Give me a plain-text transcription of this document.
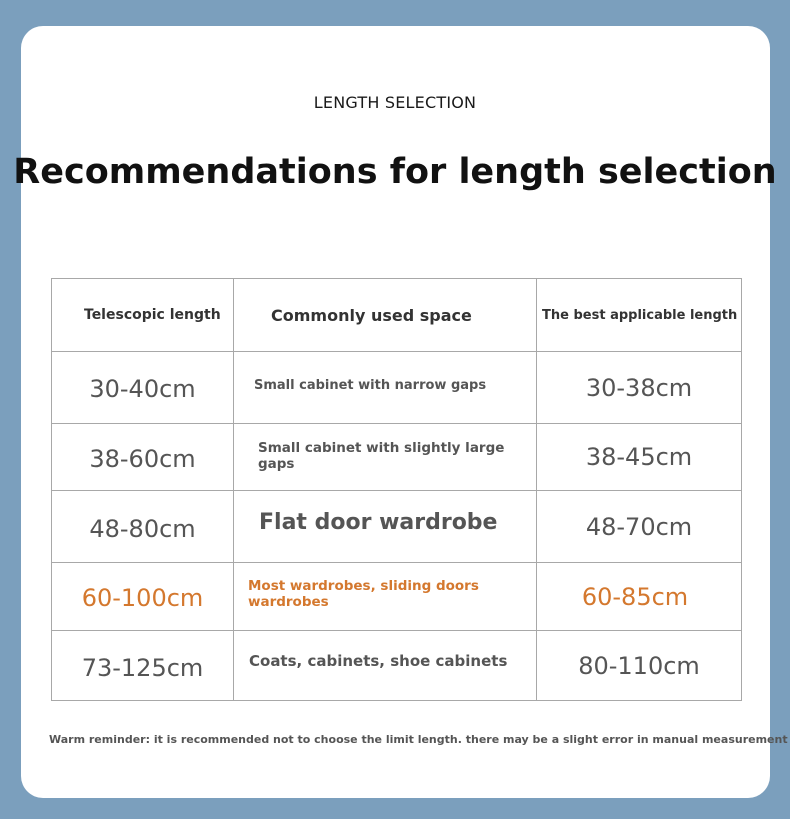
LENGTH SELECTION
Recommendations for length selection
Telescopic length	Commonly used space	The best applicable length
30-40cm	Small cabinet with narrow gaps	30-38cm
38-60cm	Small cabinet with slightly large gaps	38-45cm
48-80cm	Flat door wardrobe	48-70cm
60-100cm	Most wardrobes, sliding doors wardrobes	60-85cm
73-125cm	Coats, cabinets, shoe cabinets	80-110cm
Warm reminder: it is recommended not to choose the limit length. there may be a slight error in manual measurement
